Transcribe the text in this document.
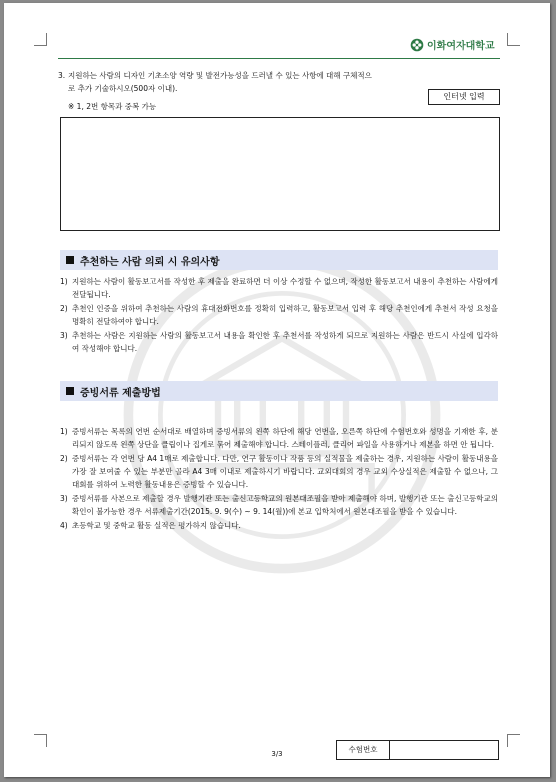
이화여자대학교
3. 지원하는 사람의 디자인 기초소양 역량 및 발전가능성을 드러낼 수 있는 사항에 대해 구체적으
로 추가 기술하시오(500자 이내).
※ 1, 2번 항목과 중복 가능
인터넷 입력
추천하는 사람 의뢰 시 유의사항
1) 지원하는 사람이 활동보고서를 작성한 후 제출을 완료하면 더 이상 수정할 수 없으며, 작성한 활동보고서 내용이 추천하는 사람에게 전달됩니다.
2) 추천인 인증을 위하여 추천하는 사람의 휴대전화번호를 정확히 입력하고, 활동보고서 입력 후 해당 추천인에게 추천서 작성 요청을 명확히 전달하여야 합니다.
3) 추천하는 사람은 지원하는 사람의 활동보고서 내용을 확인한 후 추천서를 작성하게 되므로 지원하는 사람은 반드시 사실에 입각하여 작성해야 합니다.
증빙서류 제출방법
1) 증빙서류는 목록의 연번 순서대로 배열하며 증빙서류의 왼쪽 하단에 해당 연번을, 오른쪽 하단에 수험번호와 성명을 기재한 후, 분리되지 않도록 왼쪽 상단을 클립이나 집게로 묶어 제출해야 합니다. 스테이플러, 클리어 파일을 사용하거나 제본을 하면 안 됩니다.
2) 증빙서류는 각 연번 당 A4 1매로 제출합니다. 다만, 연구 활동이나 작품 등의 실적물을 제출하는 경우, 지원하는 사람이 활동내용을 가장 잘 보여줄 수 있는 부분만 골라 A4 3매 이내로 제출하시기 바랍니다. 교외대회의 경우 교외 수상실적은 제출할 수 없으나, 그 대회를 위하여 노력한 활동내용은 증빙할 수 있습니다.
3) 증빙서류를 사본으로 제출할 경우 발행기관 또는 출신고등학교의 원본대조필을 받아 제출해야 하며, 발행기관 또는 출신고등학교의 확인이 불가능한 경우 서류제출기간(2015. 9. 9(수) ~ 9. 14(월))에 본교 입학처에서 원본대조필을 받을 수 있습니다.
4) 초등학교 및 중학교 활동 실적은 평가하지 않습니다.
3/3	수험번호
